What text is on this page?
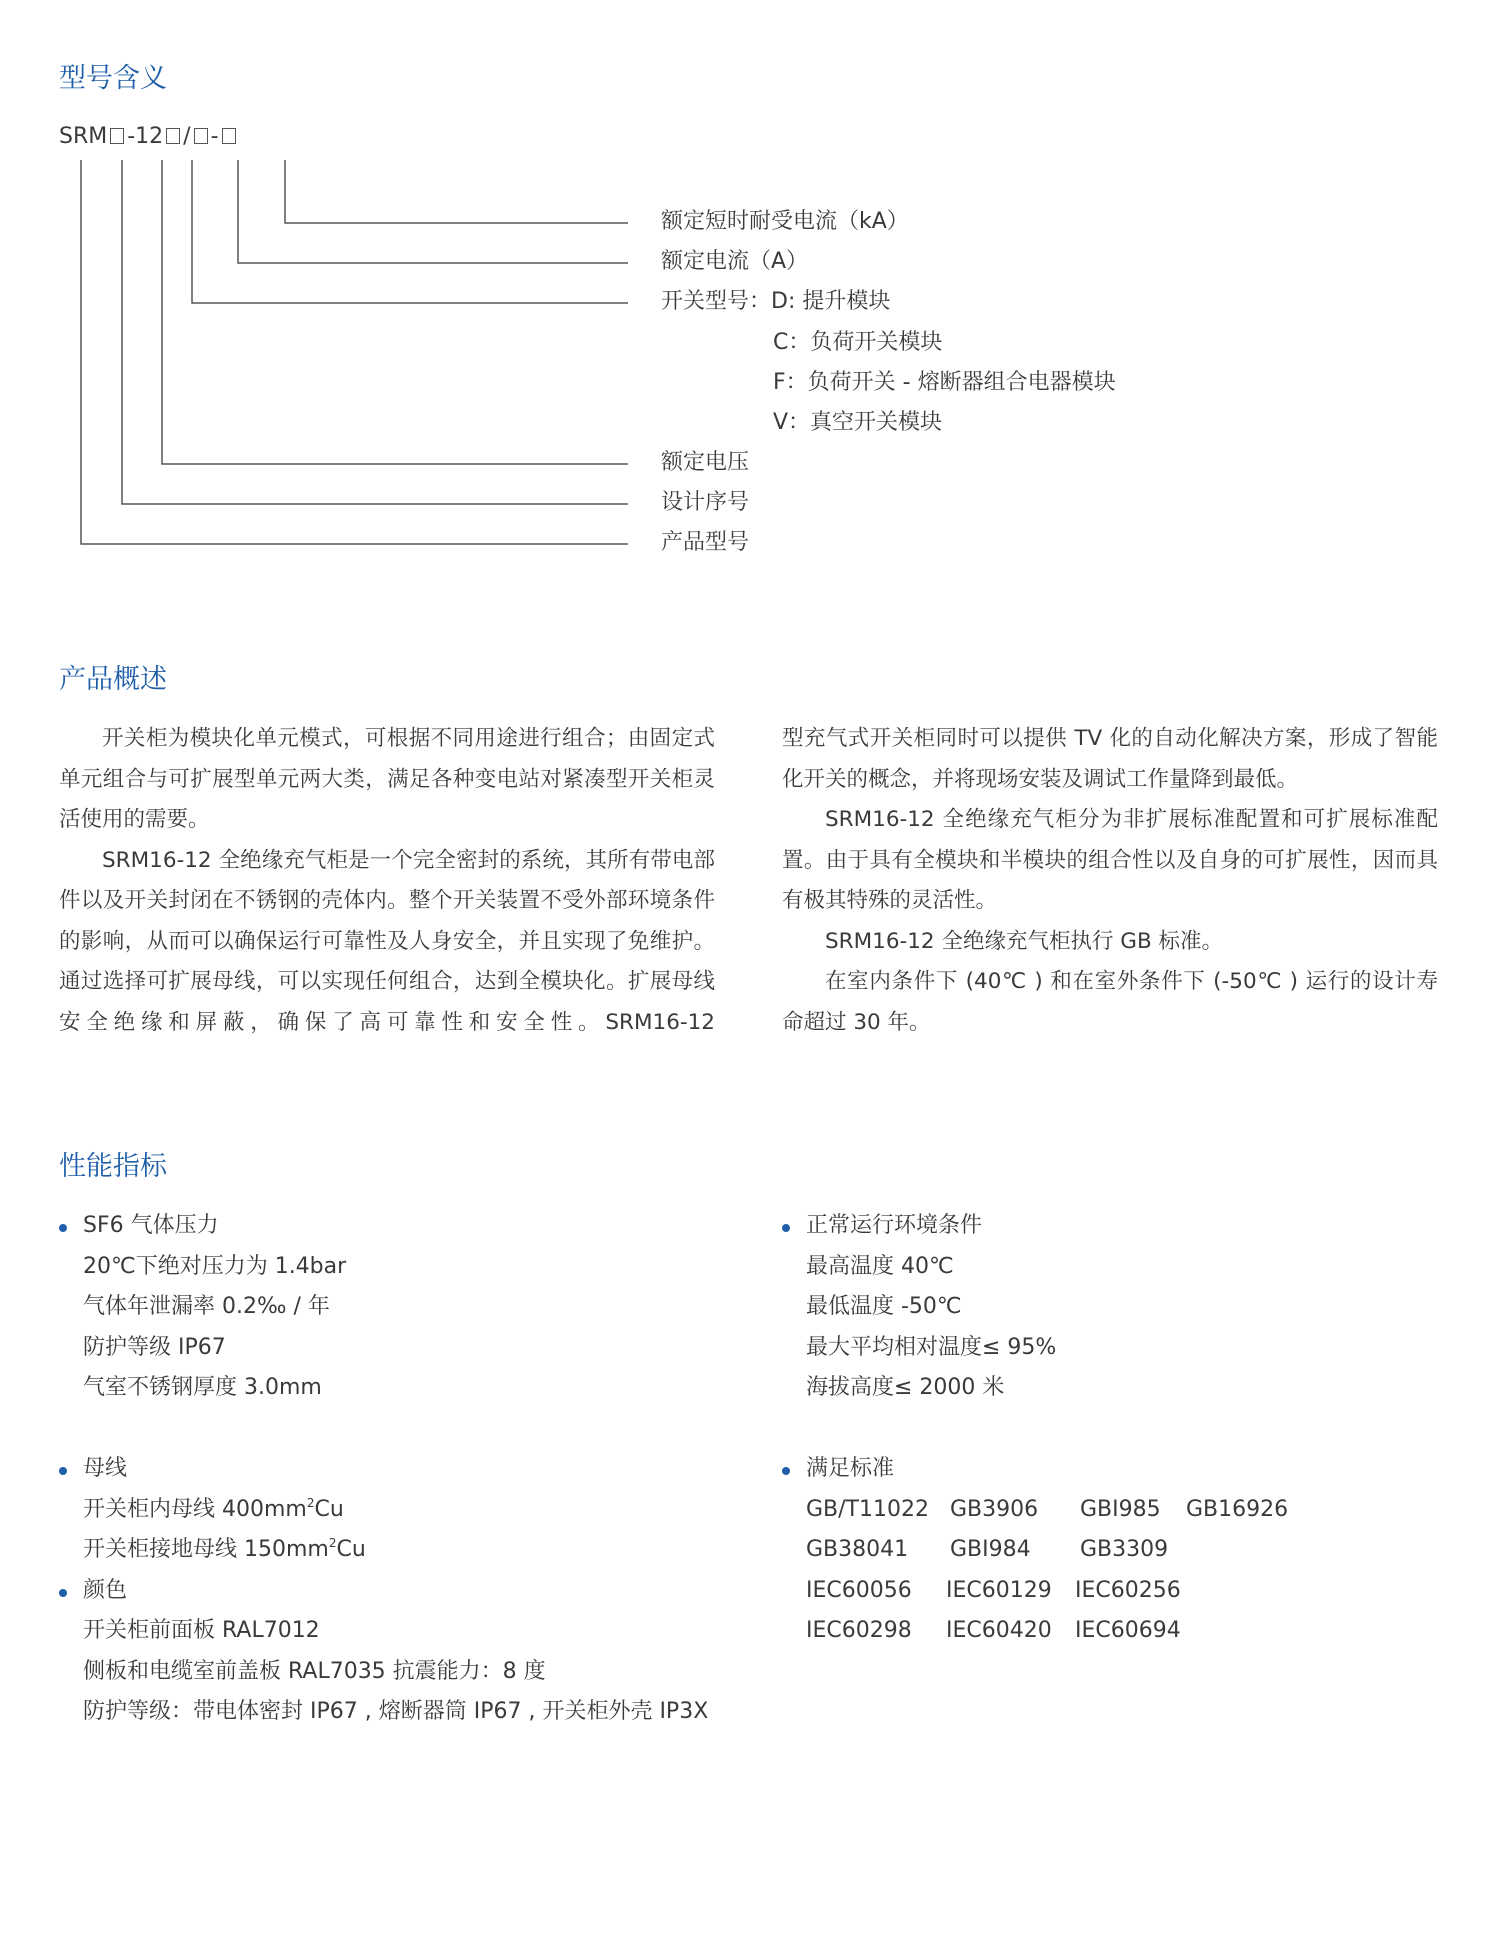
型号含义
SRM -12 / -
额定短时耐受电流（kA）
额定电流（A）
开关型号：D: 提升模块
C：负荷开关模块
F：负荷开关 - 熔断器组合电器模块
V：真空开关模块
额定电压
设计序号
产品型号
产品概述

开关柜为模块化单元模式，可根据不同用途进行组合；由固定式单元组合与可扩展型单元两大类，满足各种变电站对紧凑型开关柜灵活使用的需要。

SRM16-12 全绝缘充气柜是一个完全密封的系统，其所有带电部件以及开关封闭在不锈钢的壳体内。整个开关装置不受外部环境条件的影响，从而可以确保运行可靠性及人身安全，并且实现了免维护。通过选择可扩展母线，可以实现任何组合，达到全模块化。扩展母线安全绝缘和屏蔽，确保了高可靠性和安全性。SRM16-12

型充气式开关柜同时可以提供 TV 化的自动化解决方案，形成了智能化开关的概念，并将现场安装及调试工作量降到最低。

SRM16-12 全绝缘充气柜分为非扩展标准配置和可扩展标准配置。由于具有全模块和半模块的组合性以及自身的可扩展性，因而具有极其特殊的灵活性。

SRM16-12 全绝缘充气柜执行 GB 标准。

在室内条件下 (40℃ ) 和在室外条件下 (-50℃ ) 运行的设计寿命超过 30 年。

性能指标
SF6 气体压力
20℃下绝对压力为 1.4bar
气体年泄漏率 0.2‰ / 年
防护等级 IP67
气室不锈钢厚度 3.0mm
母线
开关柜内母线 $400mm^2Cu$
开关柜接地母线 $150mm^2Cu$
颜色
开关柜前面板 RAL7012
侧板和电缆室前盖板 RAL7035 抗震能力：8 度
防护等级：带电体密封 IP67 , 熔断器筒 IP67 , 开关柜外壳 IP3X
正常运行环境条件
最高温度 40℃
最低温度 -50℃
最大平均相对温度≤ 95%
海拔高度≤ 2000 米
满足标准
GB/T11022 GB3906	GBI985	GB16926
GB38041	GBI984	GB3309
IEC60056	IEC60129	IEC60256
IEC60298	IEC60420	IEC60694
